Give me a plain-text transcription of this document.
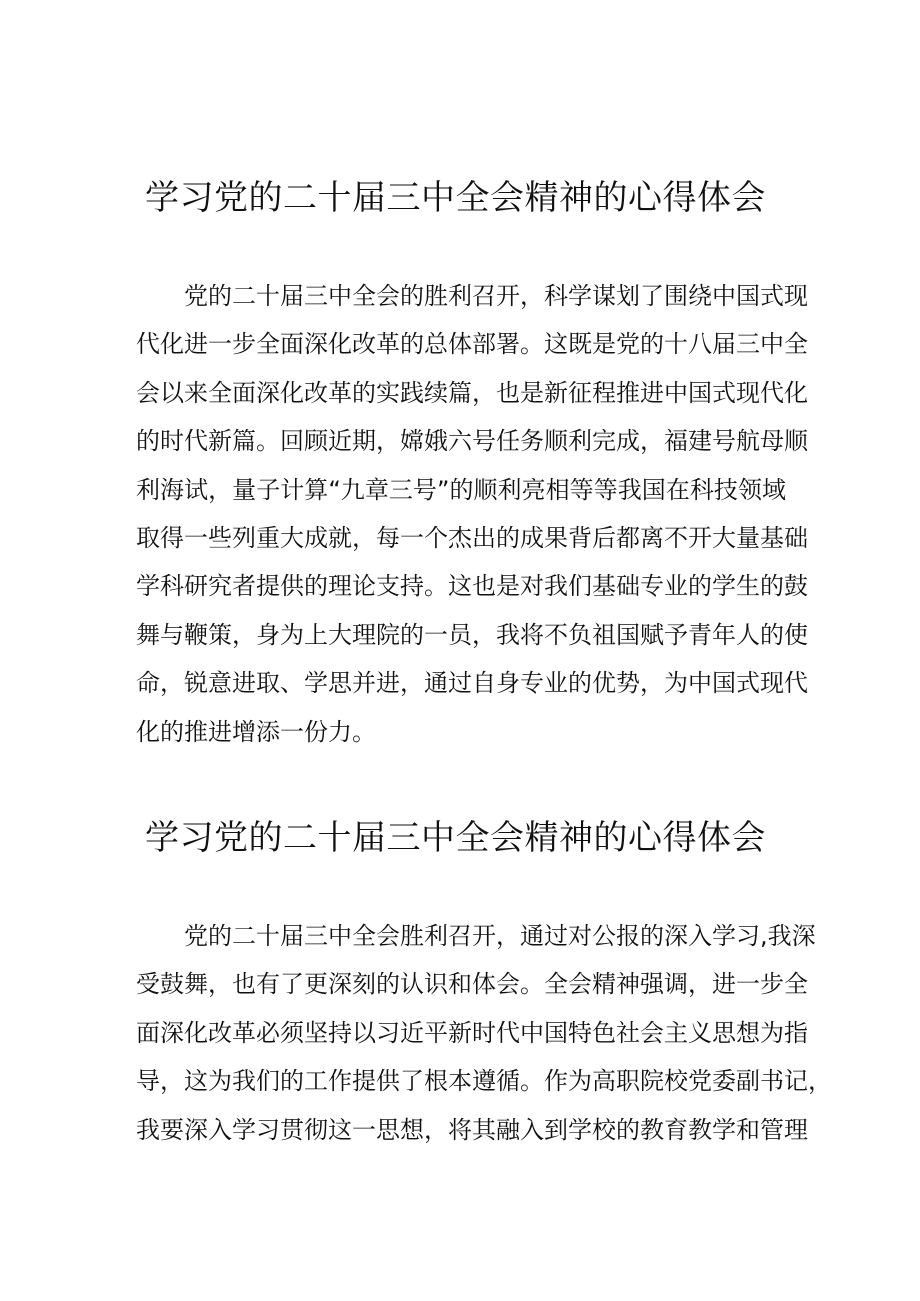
学习党的二十届三中全会精神的心得体会
党的二十届三中全会的胜利召开，科学谋划了围绕中国式现
代化进一步全面深化改革的总体部署。这既是党的十八届三中全
会以来全面深化改革的实践续篇，也是新征程推进中国式现代化
的时代新篇。回顾近期，嫦娥六号任务顺利完成，福建号航母顺
利海试，量子计算“九章三号”的顺利亮相等等我国在科技领域
取得一些列重大成就，每一个杰出的成果背后都离不开大量基础
学科研究者提供的理论支持。这也是对我们基础专业的学生的鼓
舞与鞭策，身为上大理院的一员，我将不负祖国赋予青年人的使
命，锐意进取、学思并进，通过自身专业的优势，为中国式现代
化的推进增添一份力。
学习党的二十届三中全会精神的心得体会
党的二十届三中全会胜利召开，通过对公报的深入学习,我深
受鼓舞，也有了更深刻的认识和体会。全会精神强调，进一步全
面深化改革必须坚持以习近平新时代中国特色社会主义思想为指
导，这为我们的工作提供了根本遵循。作为高职院校党委副书记，
我要深入学习贯彻这一思想，将其融入到学校的教育教学和管理
